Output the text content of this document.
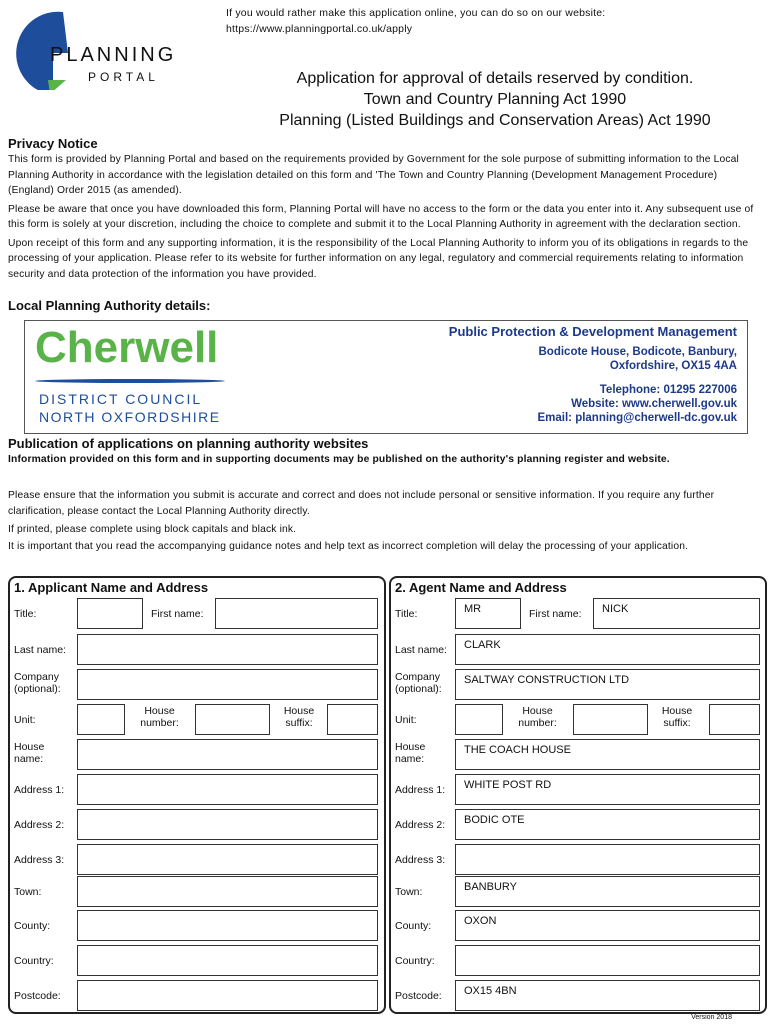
PLANNING
PORTAL
If you would rather make this application online, you can do so on our website:
https://www.planningportal.co.uk/apply
Application for approval of details reserved by condition.
Town and Country Planning Act 1990
Planning (Listed Buildings and Conservation Areas) Act 1990
Privacy Notice
This form is provided by Planning Portal and based on the requirements provided by Government for the sole purpose of submitting information to the Local Planning Authority in accordance with the legislation detailed on this form and 'The Town and Country Planning (Development Management Procedure) (England) Order 2015 (as amended).
Please be aware that once you have downloaded this form, Planning Portal will have no access to the form or the data you enter into it. Any subsequent use of this form is solely at your discretion, including the choice to complete and submit it to the Local Planning Authority in agreement with the declaration section.
Upon receipt of this form and any supporting information, it is the responsibility of the Local Planning Authority to inform you of its obligations in regards to the processing of your application. Please refer to its website for further information on any legal, regulatory and commercial requirements relating to information security and data protection of the information you have provided.
Local Planning Authority details:
Cherwell
DISTRICT COUNCIL
NORTH OXFORDSHIRE
Public Protection & Development Management
Bodicote House, Bodicote, Banbury,
Oxfordshire, OX15 4AA
Telephone: 01295 227006
Website: www.cherwell.gov.uk
Email: planning@cherwell-dc.gov.uk
Publication of applications on planning authority websites
Information provided on this form and in supporting documents may be published on the authority's planning register and website.
Please ensure that the information you submit is accurate and correct and does not include personal or sensitive information. If you require any further clarification, please contact the Local Planning Authority directly.
If printed, please complete using block capitals and black ink.
It is important that you read the accompanying guidance notes and help text as incorrect completion will delay the processing of your application.
1. Applicant Name and Address
Title:	First name:
Last name:
Company (optional):
Unit:
House number:
House suffix:
House name:
Address 1:
Address 2:
Address 3:
Town:
County:
Country:
Postcode:
2. Agent Name and Address
Title:	MR	First name:	NICK
Last name:	CLARK
Company (optional):
SALTWAY CONSTRUCTION LTD
Unit:
House number:
House suffix:
House name:
THE COACH HOUSE
Address 1:	WHITE POST RD
Address 2:	BODIC OTE
Address 3:
Town:	BANBURY
County:	OXON
Country:
Postcode:	OX15 4BN
Version 2018
